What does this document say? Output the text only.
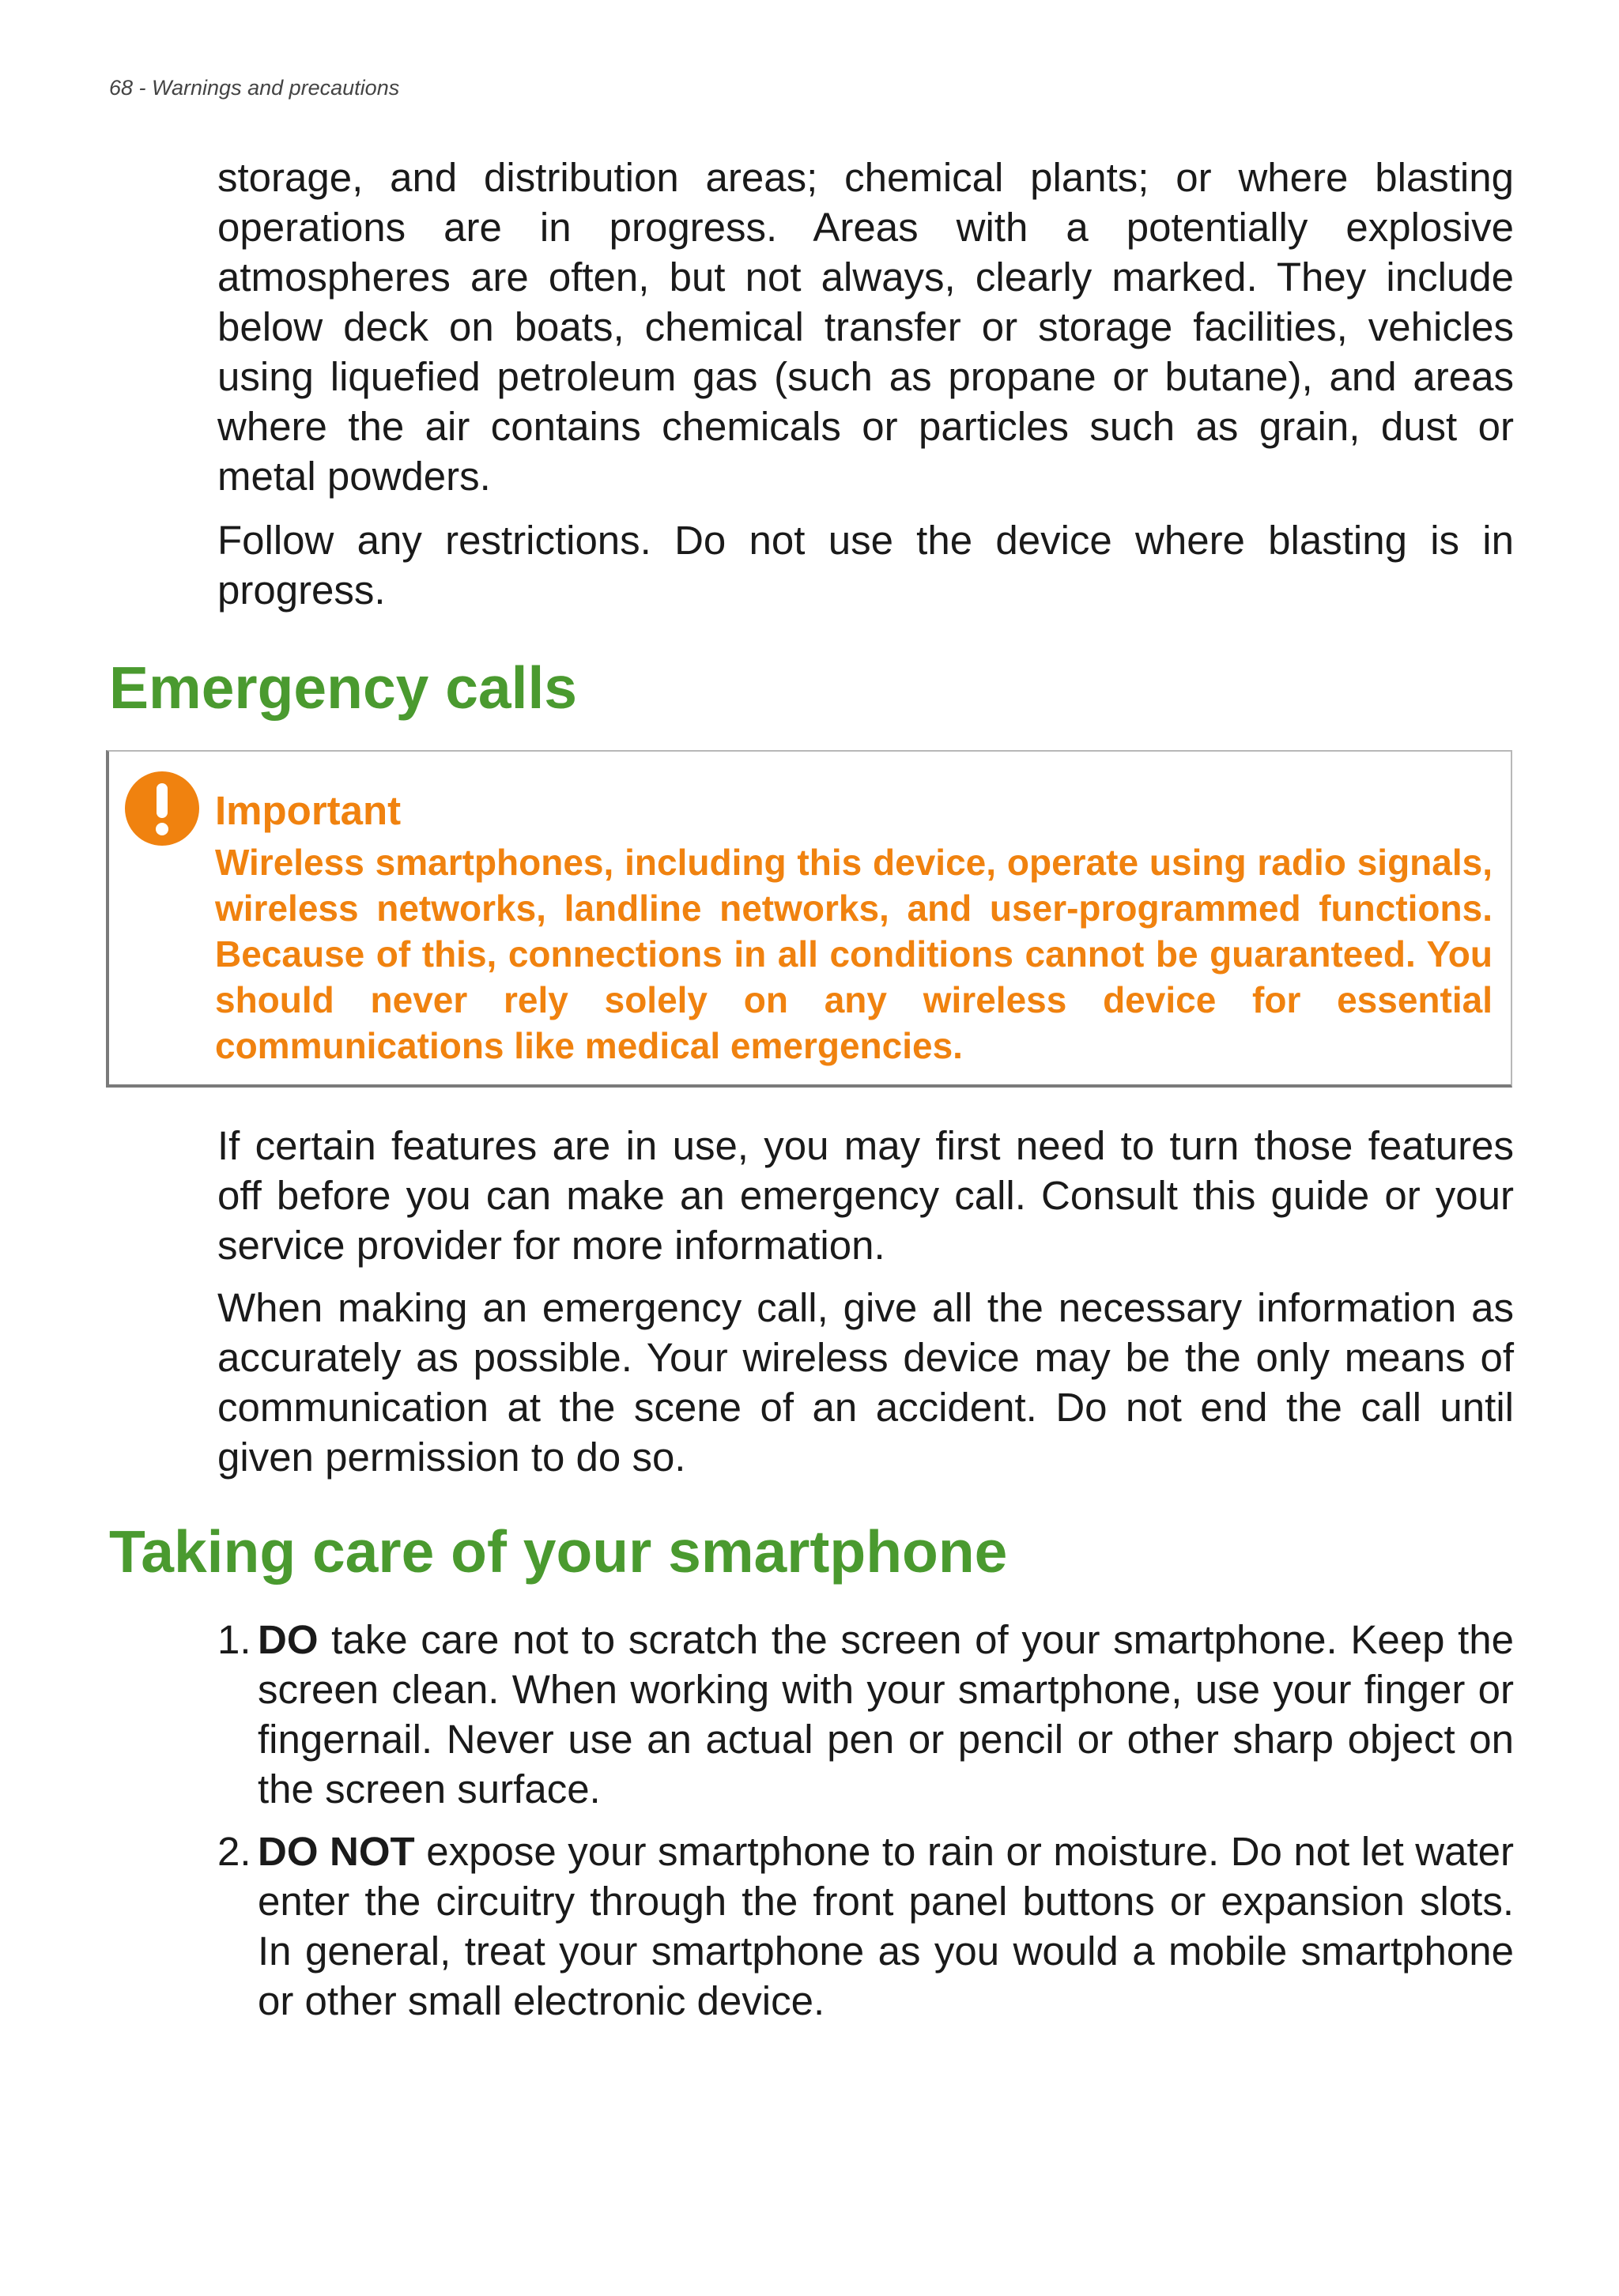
68 - Warnings and precautions

storage, and distribution areas; chemical plants; or where blasting operations are in progress. Areas with a potentially explosive atmospheres are often, but not always, clearly marked. They include below deck on boats, chemical transfer or storage facilities, vehicles using liquefied petroleum gas (such as propane or butane), and areas where the air contains chemicals or particles such as grain, dust or metal powders.

Follow any restrictions. Do not use the device where blasting is in progress.

Emergency calls
Important

Wireless smartphones, including this device, operate using radio signals, wireless networks, landline networks, and user-programmed functions. Because of this, connections in all conditions cannot be guaranteed. You should never rely solely on any wireless device for essential communications like medical emergencies.

If certain features are in use, you may first need to turn those features off before you can make an emergency call. Consult this guide or your service provider for more information.

When making an emergency call, give all the necessary information as accurately as possible. Your wireless device may be the only means of communication at the scene of an accident. Do not end the call until given permission to do so.

Taking care of your smartphone
1. DO take care not to scratch the screen of your smartphone. Keep the screen clean. When working with your smartphone, use your finger or fingernail. Never use an actual pen or pencil or other sharp object on the screen surface.
2. DO NOT expose your smartphone to rain or moisture. Do not let water enter the circuitry through the front panel buttons or expansion slots. In general, treat your smartphone as you would a mobile smartphone or other small electronic device.
